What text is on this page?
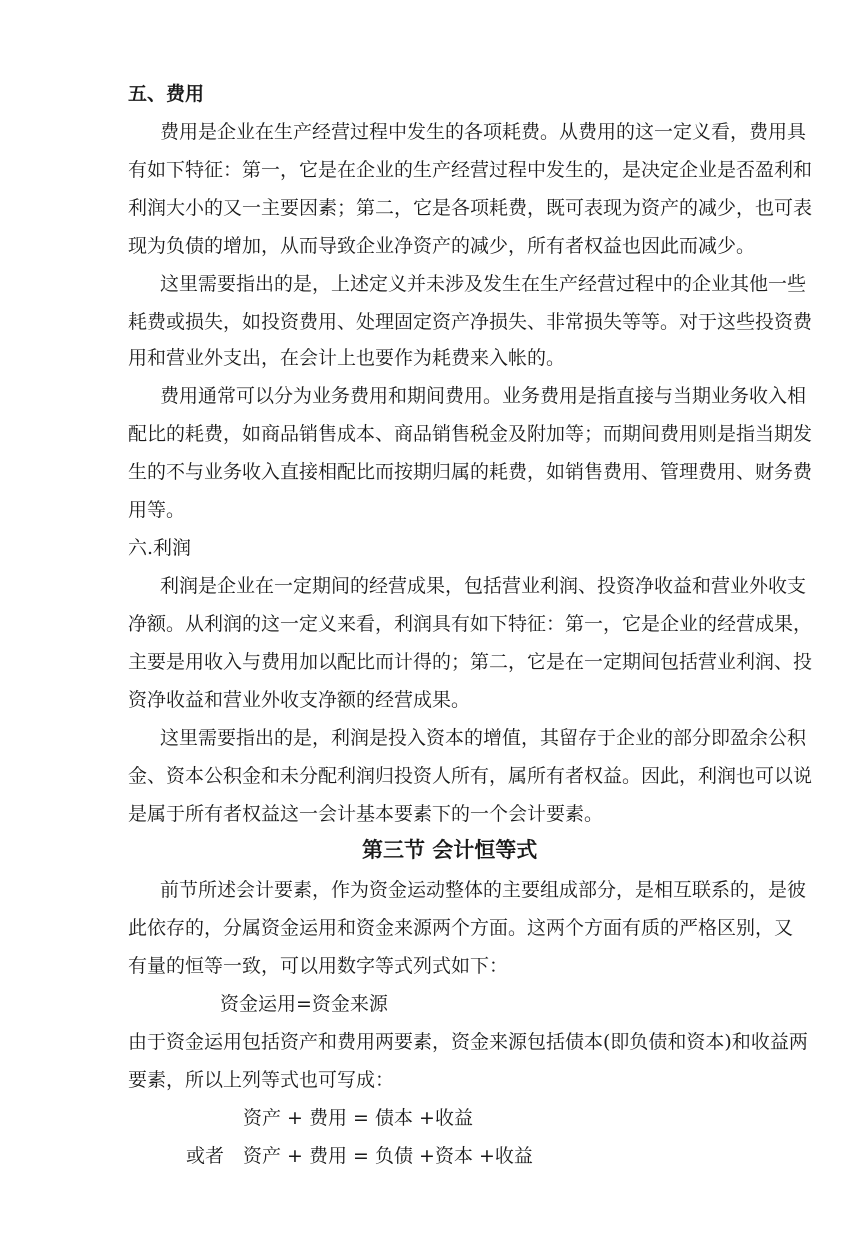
五、费用
费用是企业在生产经营过程中发生的各项耗费。从费用的这一定义看，费用具
有如下特征：第一，它是在企业的生产经营过程中发生的，是决定企业是否盈利和
利润大小的又一主要因素；第二，它是各项耗费，既可表现为资产的减少，也可表
现为负债的增加，从而导致企业净资产的减少，所有者权益也因此而减少。
这里需要指出的是，上述定义并未涉及发生在生产经营过程中的企业其他一些
耗费或损失，如投资费用、处理固定资产净损失、非常损失等等。对于这些投资费
用和营业外支出，在会计上也要作为耗费来入帐的。
费用通常可以分为业务费用和期间费用。业务费用是指直接与当期业务收入相
配比的耗费，如商品销售成本、商品销售税金及附加等；而期间费用则是指当期发
生的不与业务收入直接相配比而按期归属的耗费，如销售费用、管理费用、财务费
用等。
六.利润
利润是企业在一定期间的经营成果，包括营业利润、投资净收益和营业外收支
净额。从利润的这一定义来看，利润具有如下特征：第一，它是企业的经营成果，
主要是用收入与费用加以配比而计得的；第二，它是在一定期间包括营业利润、投
资净收益和营业外收支净额的经营成果。
这里需要指出的是，利润是投入资本的增值，其留存于企业的部分即盈余公积
金、资本公积金和未分配利润归投资人所有，属所有者权益。因此，利润也可以说
是属于所有者权益这一会计基本要素下的一个会计要素。
第三节 会计恒等式
前节所述会计要素，作为资金运动整体的主要组成部分，是相互联系的，是彼
此依存的，分属资金运用和资金来源两个方面。这两个方面有质的严格区别，又
有量的恒等一致，可以用数字等式列式如下：
资金运用=资金来源
由于资金运用包括资产和费用两要素，资金来源包括债本(即负债和资本)和收益两
要素，所以上列等式也可写成：
资产 + 费用 = 债本 +收益
或者 资产 + 费用 = 负债 +资本 +收益
